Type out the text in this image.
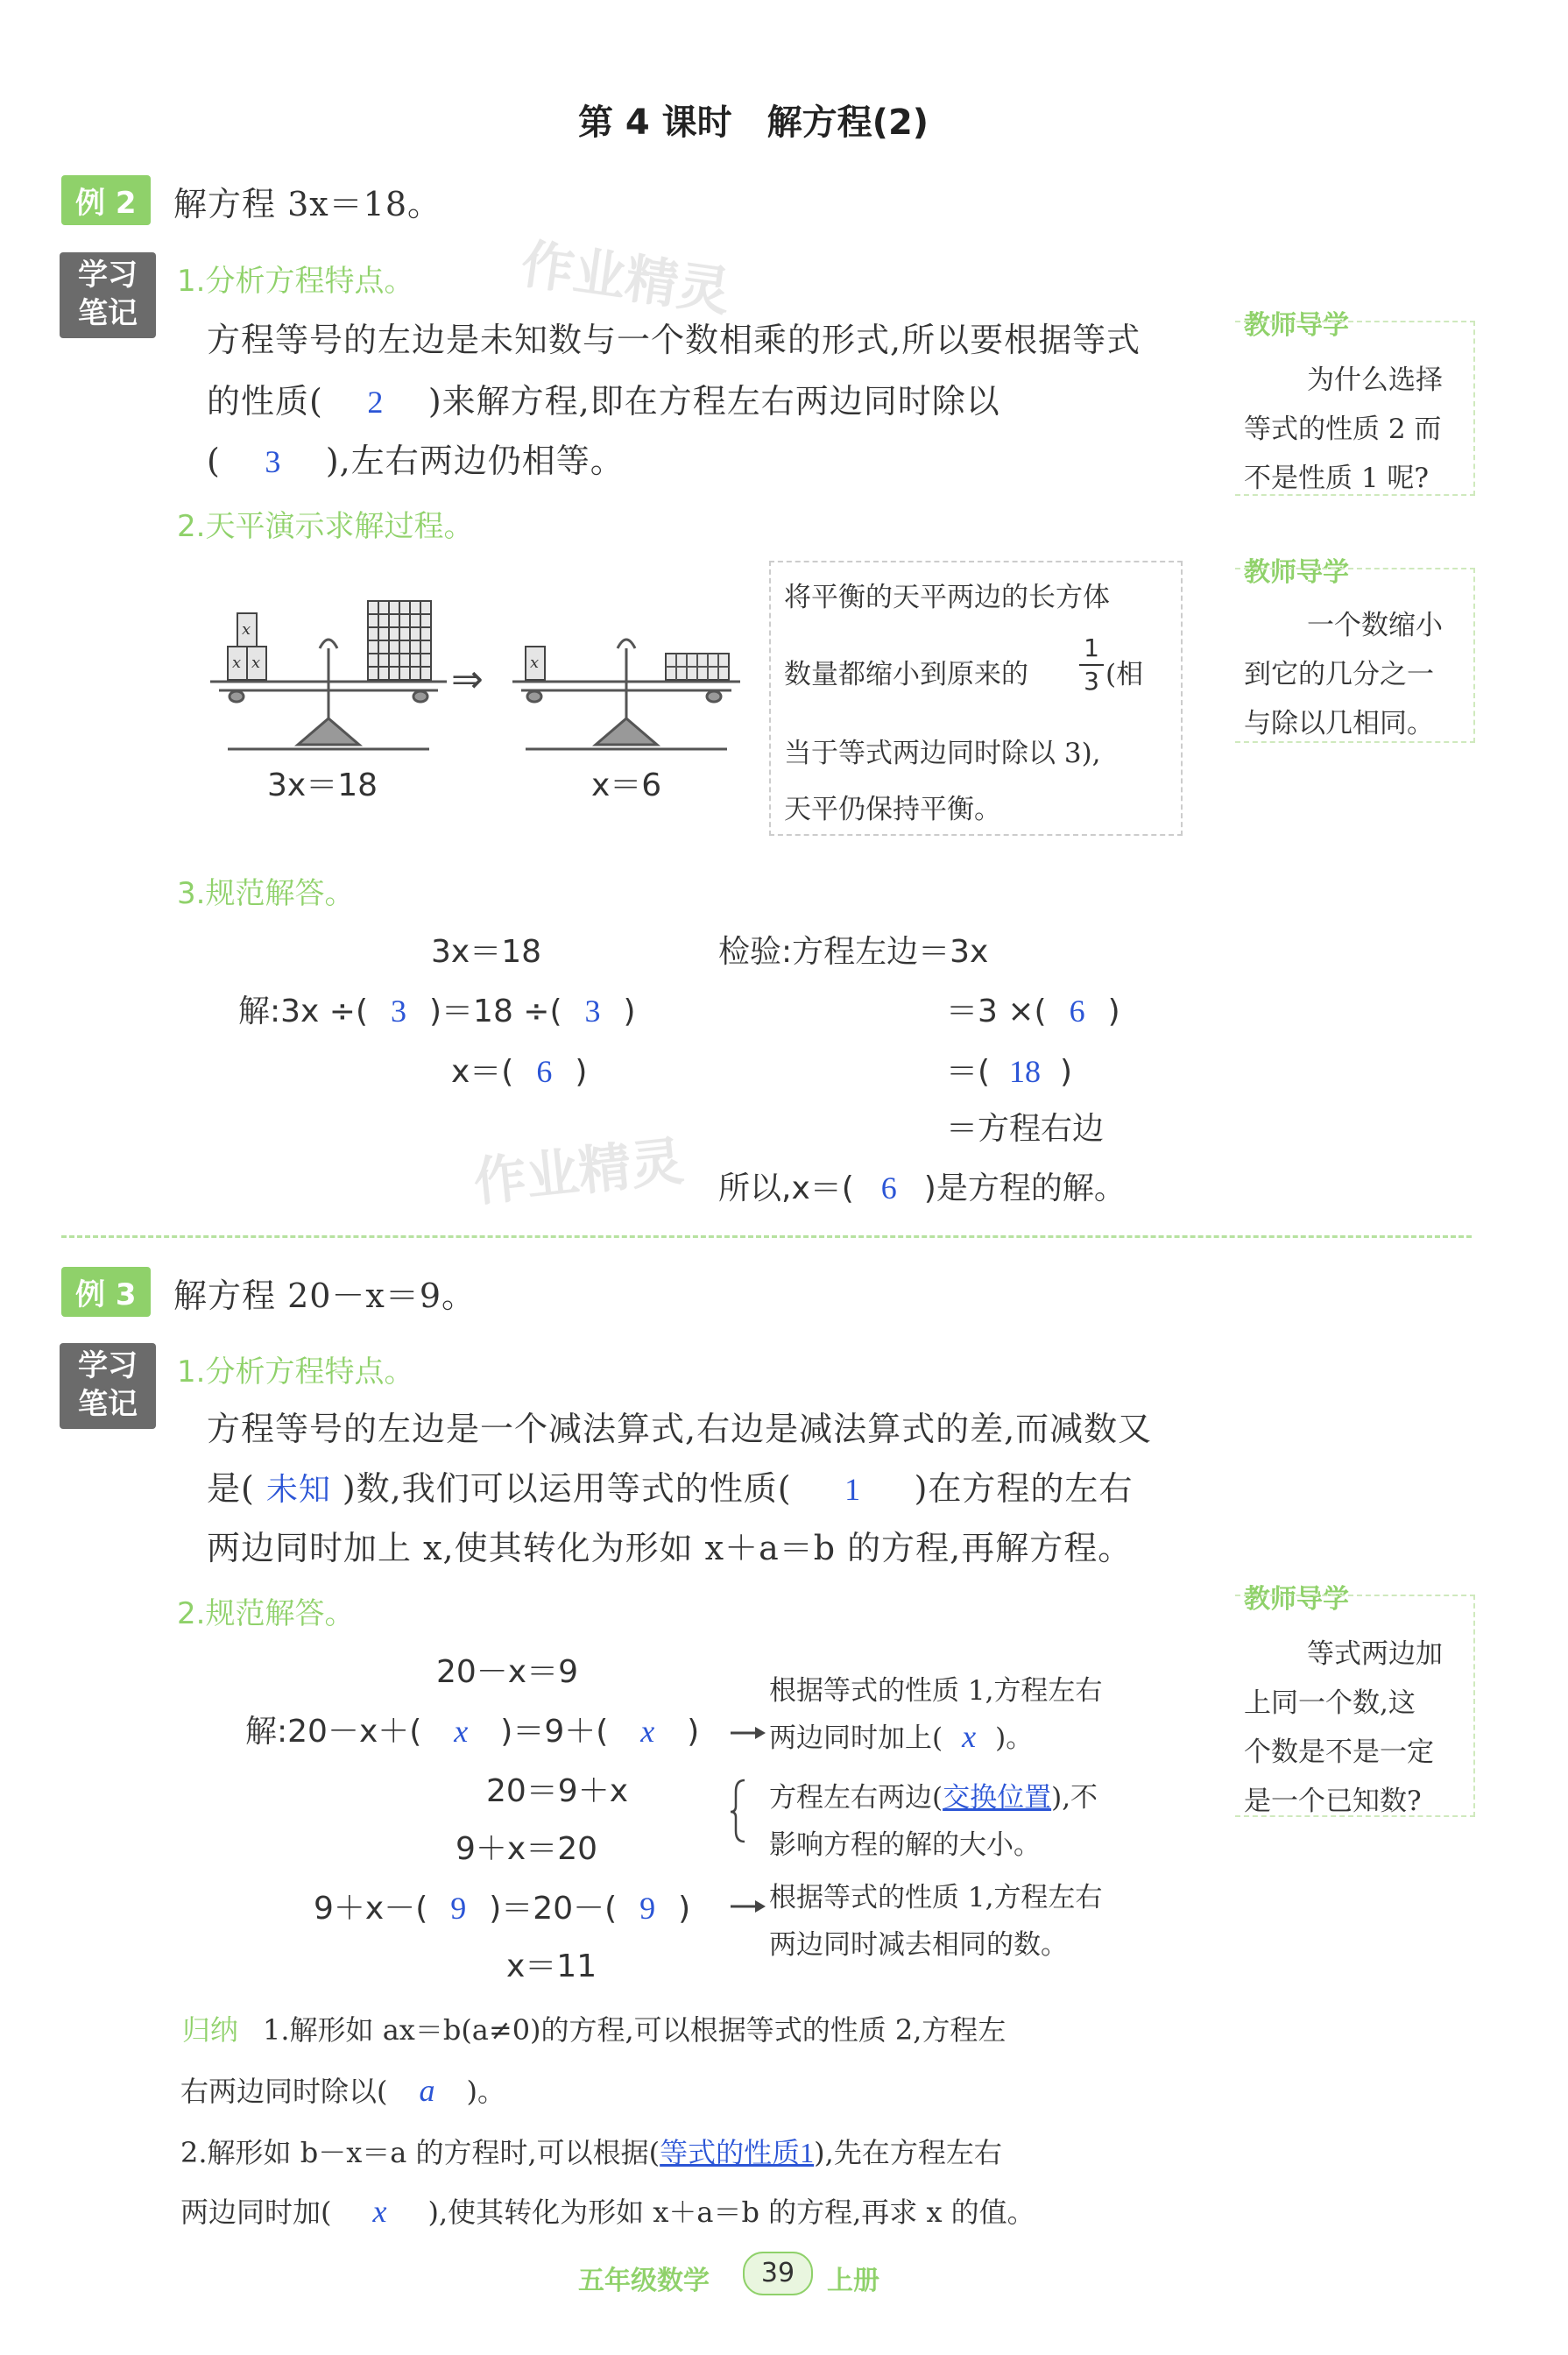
第 4 课时　解方程(2)
作业精灵
作业精灵
例 2	解方程 3x＝18。
学习
笔记
1.分析方程特点。
方程等号的左边是未知数与一个数相乘的形式,所以要根据等式
的性质( 2 )来解方程,即在方程左右两边同时除以
( 3 ),左右两边仍相等。
2.天平演示求解过程。
x x
x
⇒	x
3x＝18	x＝6
将平衡的天平两边的长方体
数量都缩小到原来的
1
3 (相
当于等式两边同时除以 3),
天平仍保持平衡。
3.规范解答。
3x＝18
解:3x ÷( 3 )＝18 ÷( 3 )
x＝( 6 )
检验:方程左边＝3x
＝3 ×( 6 )
＝( 18 )
＝方程右边
所以,x＝( 6 )是方程的解。
教师导学
为什么选择
等式的性质 2 而
不是性质 1 呢?
教师导学
一个数缩小
到它的几分之一
与除以几相同。
例 3	解方程 20－x＝9。
学习
笔记
1.分析方程特点。
方程等号的左边是一个减法算式,右边是减法算式的差,而减数又
是( 未知 )数,我们可以运用等式的性质( 1 )在方程的左右
两边同时加上 x,使其转化为形如 x＋a＝b 的方程,再解方程。
2.规范解答。
20－x＝9
解:20－x＋( x )＝9＋( x )
20＝9＋x
9＋x＝20
9＋x－( 9 )＝20－( 9 )
x＝11
根据等式的性质 1,方程左右
两边同时加上( x )。
方程左右两边(交换位置),不
影响方程的解的大小。
根据等式的性质 1,方程左右
两边同时减去相同的数。
教师导学
等式两边加
上同一个数,这
个数是不是一定
是一个已知数?
归纳 1.解形如 ax＝b(a≠0)的方程,可以根据等式的性质 2,方程左
右两边同时除以( a )。
2.解形如 b－x＝a 的方程时,可以根据(等式的性质1),先在方程左右
两边同时加( x ),使其转化为形如 x＋a＝b 的方程,再求 x 的值。
五年级数学	39	上册
